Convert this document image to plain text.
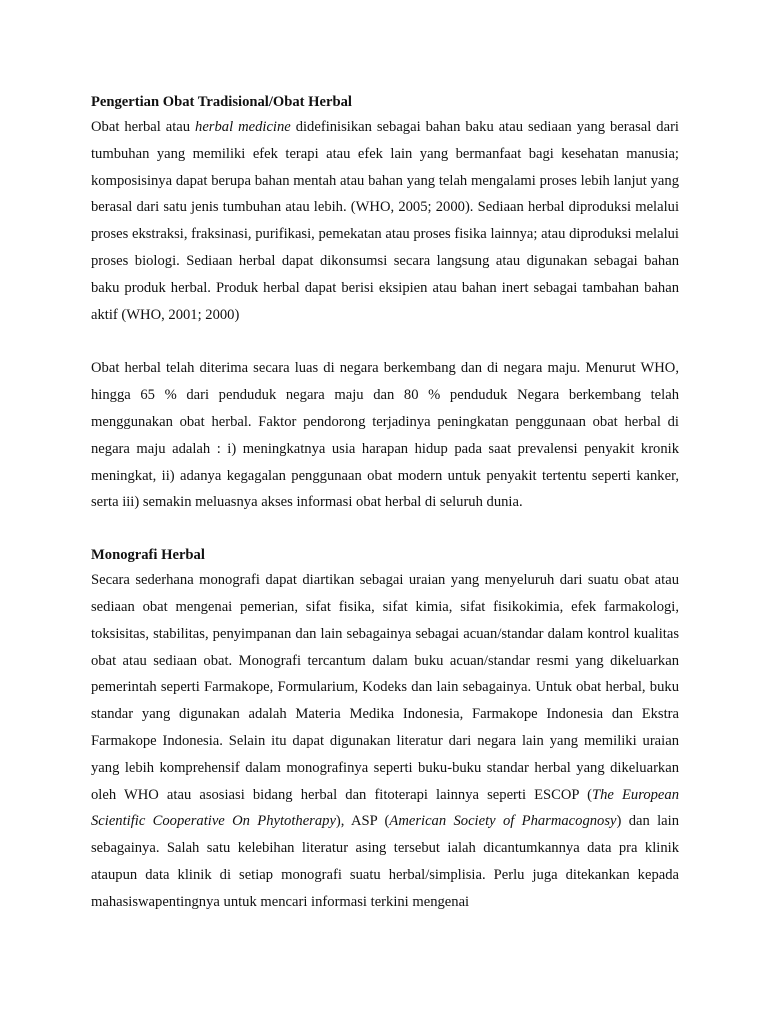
Pengertian Obat Tradisional/Obat Herbal

Obat herbal atau herbal medicine didefinisikan sebagai bahan baku atau sediaan yang berasal dari tumbuhan yang memiliki efek terapi atau efek lain yang bermanfaat bagi kesehatan manusia; komposisinya dapat berupa bahan mentah atau bahan yang telah mengalami proses lebih lanjut yang berasal dari satu jenis tumbuhan atau lebih. (WHO, 2005; 2000). Sediaan herbal diproduksi melalui proses ekstraksi, fraksinasi, purifikasi, pemekatan atau proses fisika lainnya; atau diproduksi melalui proses biologi. Sediaan herbal dapat dikonsumsi secara langsung atau digunakan sebagai bahan baku produk herbal. Produk herbal dapat berisi eksipien atau bahan inert sebagai tambahan bahan aktif (WHO, 2001; 2000)

Obat herbal telah diterima secara luas di negara berkembang dan di negara maju. Menurut WHO, hingga 65 % dari penduduk negara maju dan 80 % penduduk Negara berkembang telah menggunakan obat herbal. Faktor pendorong terjadinya peningkatan penggunaan obat herbal di negara maju adalah : i) meningkatnya usia harapan hidup pada saat prevalensi penyakit kronik meningkat, ii) adanya kegagalan penggunaan obat modern untuk penyakit tertentu seperti kanker, serta iii) semakin meluasnya akses informasi obat herbal di seluruh dunia.

Monografi Herbal

Secara sederhana monografi dapat diartikan sebagai uraian yang menyeluruh dari suatu obat atau sediaan obat mengenai pemerian, sifat fisika, sifat kimia, sifat fisikokimia, efek farmakologi, toksisitas, stabilitas, penyimpanan dan lain sebagainya sebagai acuan/standar dalam kontrol kualitas obat atau sediaan obat. Monografi tercantum dalam buku acuan/standar resmi yang dikeluarkan pemerintah seperti Farmakope, Formularium, Kodeks dan lain sebagainya. Untuk obat herbal, buku standar yang digunakan adalah Materia Medika Indonesia, Farmakope Indonesia dan Ekstra Farmakope Indonesia. Selain itu dapat digunakan literatur dari negara lain yang memiliki uraian yang lebih komprehensif dalam monografinya seperti buku-buku standar herbal yang dikeluarkan oleh WHO atau asosiasi bidang herbal dan fitoterapi lainnya seperti ESCOP (The European Scientific Cooperative On Phytotherapy), ASP (American Society of Pharmacognosy) dan lain sebagainya. Salah satu kelebihan literatur asing tersebut ialah dicantumkannya data pra klinik ataupun data klinik di setiap monografi suatu herbal/simplisia. Perlu juga ditekankan kepada mahasiswapentingnya untuk mencari informasi terkini mengenai
